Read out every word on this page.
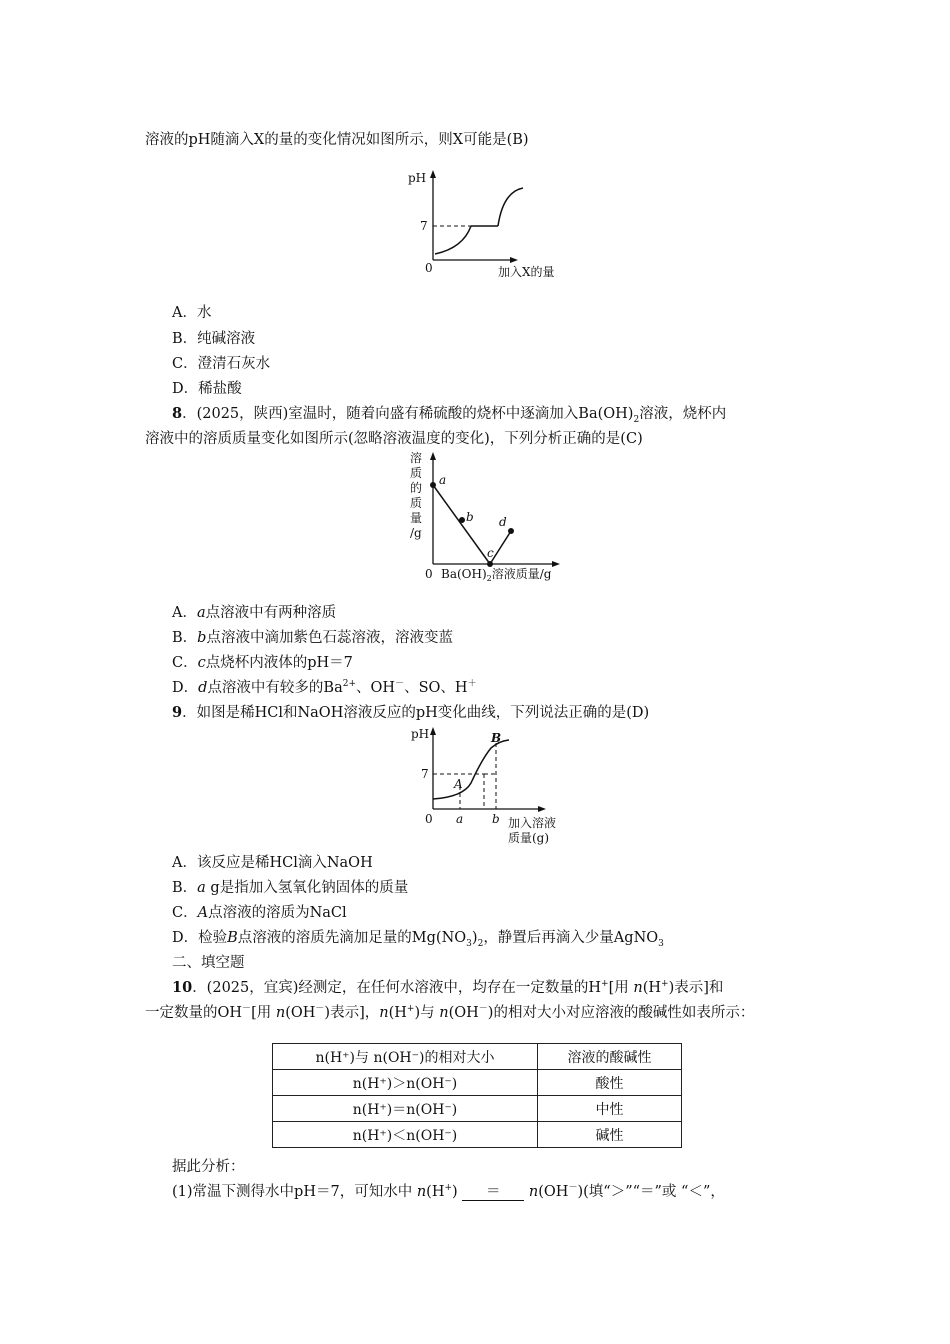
溶液的pH随滴入X的量的变化情况如图所示，则X可能是(B)
pH
7
0	加入X的量
A．水
B．纯碱溶液
C．澄清石灰水
D．稀盐酸
8．(2025，陕西)室温时，随着向盛有稀硫酸的烧杯中逐滴加入$Ba(OH)_2$溶液，烧杯内
溶液中的溶质质量变化如图所示(忽略溶液温度的变化)，下列分析正确的是(C)
溶
质
的
质
量
/g
a
b
c
d
0 $Ba(OH)_2$溶液质量/g
A．a点溶液中有两种溶质
B．b点溶液中滴加紫色石蕊溶液，溶液变蓝
C．c点烧杯内液体的pH＝7
D．d点溶液中有较多的$Ba^{2+}$、OH－、SO、H＋
9．如图是稀HCl和NaOH溶液反应的pH变化曲线，下列说法正确的是(D)
pH
7
0 a b
A
B
加入溶液
质量(g)
A．该反应是稀HCl滴入NaOH
B．a g是指加入氢氧化钠固体的质量
C．A点溶液的溶质为NaCl
D．检验B点溶液的溶质先滴加足量的$Mg(NO_3)_2$，静置后再滴入少量AgNO$_3$
二、填空题
10．(2025，宜宾)经测定，在任何水溶液中，均存在一定数量的H+[用 n(H+)表示]和
一定数量的OH－[用 n(OH－)表示]，n(H+)与 n(OH－)的相对大小对应溶液的酸碱性如表所示：
n(H⁺)与 n(OH⁻)的相对大小	溶液的酸碱性
n(H⁺)＞n(OH⁻)	酸性
n(H⁺)＝n(OH⁻)	中性
n(H⁺)＜n(OH⁻)	碱性
据此分析：
(1)常温下测得水中pH＝7，可知水中 n(H+) ＝ n(OH－)(填“＞”“＝”或 “＜”，
